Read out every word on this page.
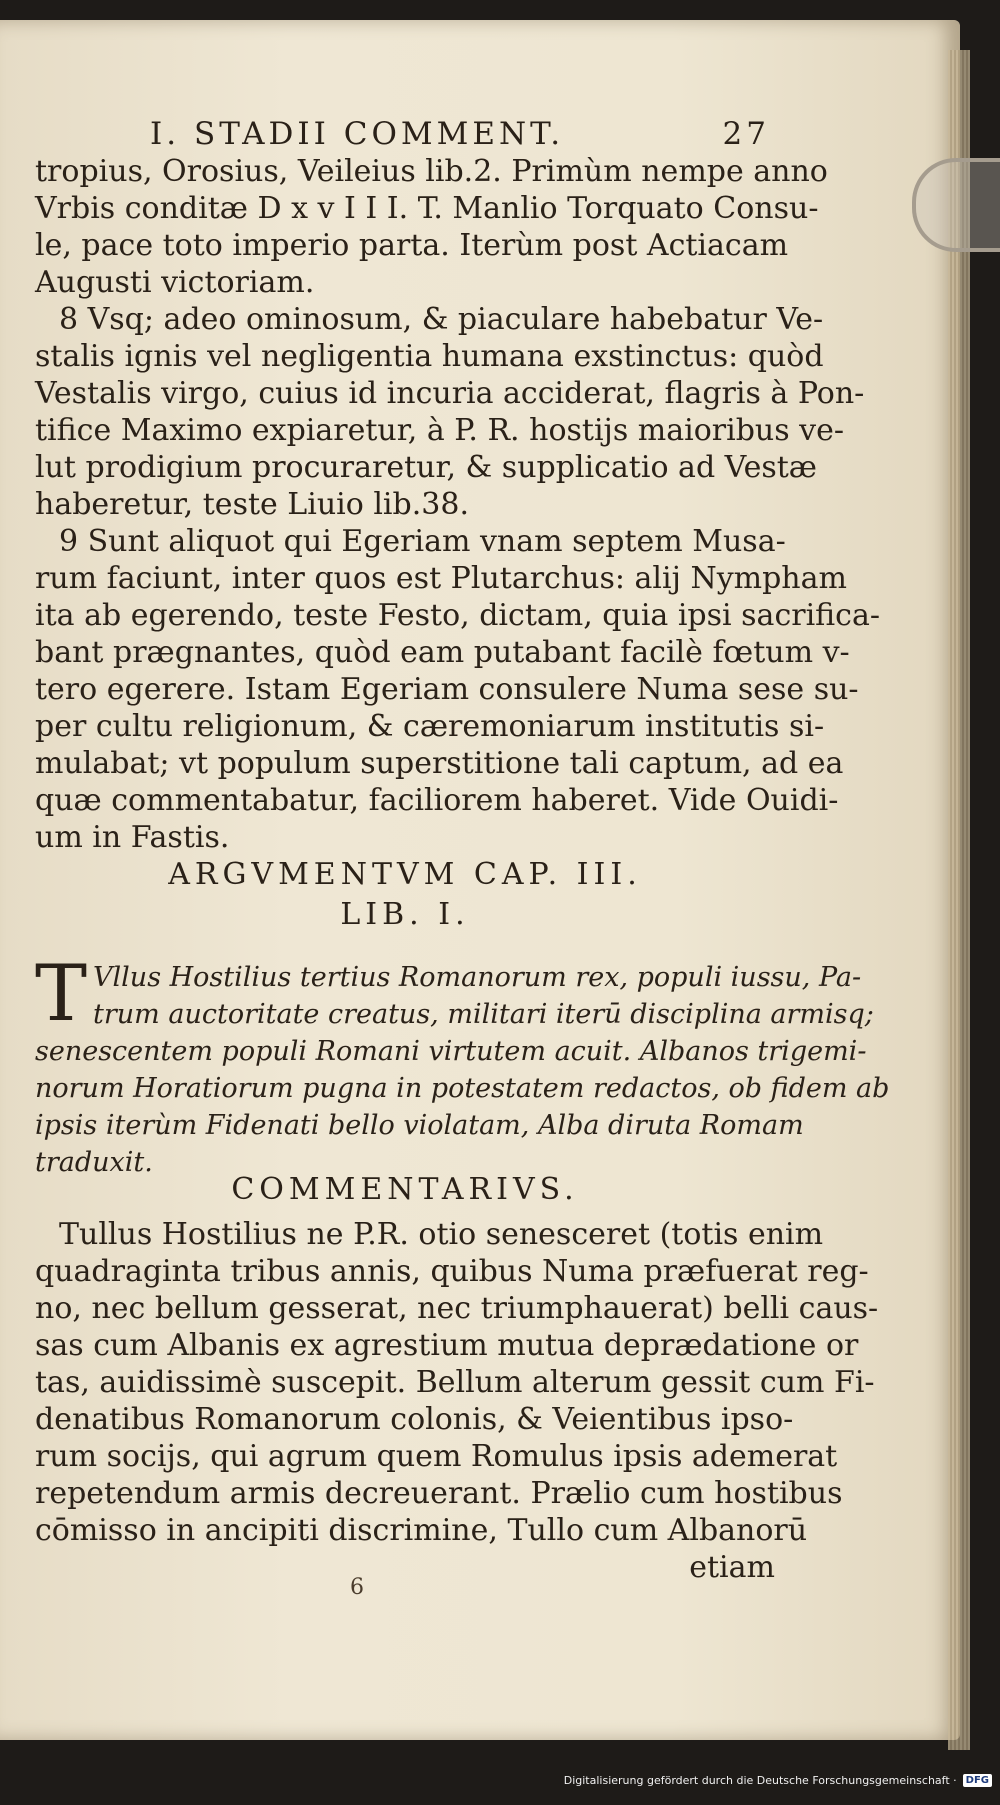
I. STADII COMMENT.	27
tropius, Orosius, Veileius lib.2. Primùm nempe anno
Vrbis conditæ D x v I I I. T. Manlio Torquato Consu-
le, pace toto imperio parta. Iterùm post Actiacam
Augusti victoriam.
8 Vsq; adeo ominosum, & piaculare habebatur Ve-
stalis ignis vel negligentia humana exstinctus: quòd
Vestalis virgo, cuius id incuria acciderat, flagris à Pon-
tifice Maximo expiaretur, à P. R. hostijs maioribus ve-
lut prodigium procuraretur, & supplicatio ad Vestæ
haberetur, teste Liuio lib.38.
9 Sunt aliquot qui Egeriam vnam septem Musa-
rum faciunt, inter quos est Plutarchus: alij Nympham
ita ab egerendo, teste Festo, dictam, quia ipsi sacrifica-
bant prægnantes, quòd eam putabant facilè fœtum v-
tero egerere. Istam Egeriam consulere Numa sese su-
per cultu religionum, & cæremoniarum institutis si-
mulabat; vt populum superstitione tali captum, ad ea
quæ commentabatur, faciliorem haberet. Vide Ouidi-
um in Fastis.
ARGVMENTVM CAP. III.
LIB. I.
T Vllus Hostilius tertius Romanorum rex, populi iussu, Pa-
trum auctoritate creatus, militari iterū disciplina armisq;
senescentem populi Romani virtutem acuit. Albanos trigemi-
norum Horatiorum pugna in potestatem redactos, ob fidem ab
ipsis iterùm Fidenati bello violatam, Alba diruta Romam
traduxit.
COMMENTARIVS.
Tullus Hostilius ne P.R. otio senesceret (totis enim
quadraginta tribus annis, quibus Numa præfuerat reg-
no, nec bellum gesserat, nec triumphauerat) belli caus-
sas cum Albanis ex agrestium mutua deprædatione or
tas, auidissimè suscepit. Bellum alterum gessit cum Fi-
denatibus Romanorum colonis, & Veientibus ipso-
rum socijs, qui agrum quem Romulus ipsis ademerat
repetendum armis decreuerant. Prælio cum hostibus
cōmisso in ancipiti discrimine, Tullo cum Albanorū
etiam
6
Digitalisierung gefördert durch die Deutsche Forschungsgemeinschaft · DFG
